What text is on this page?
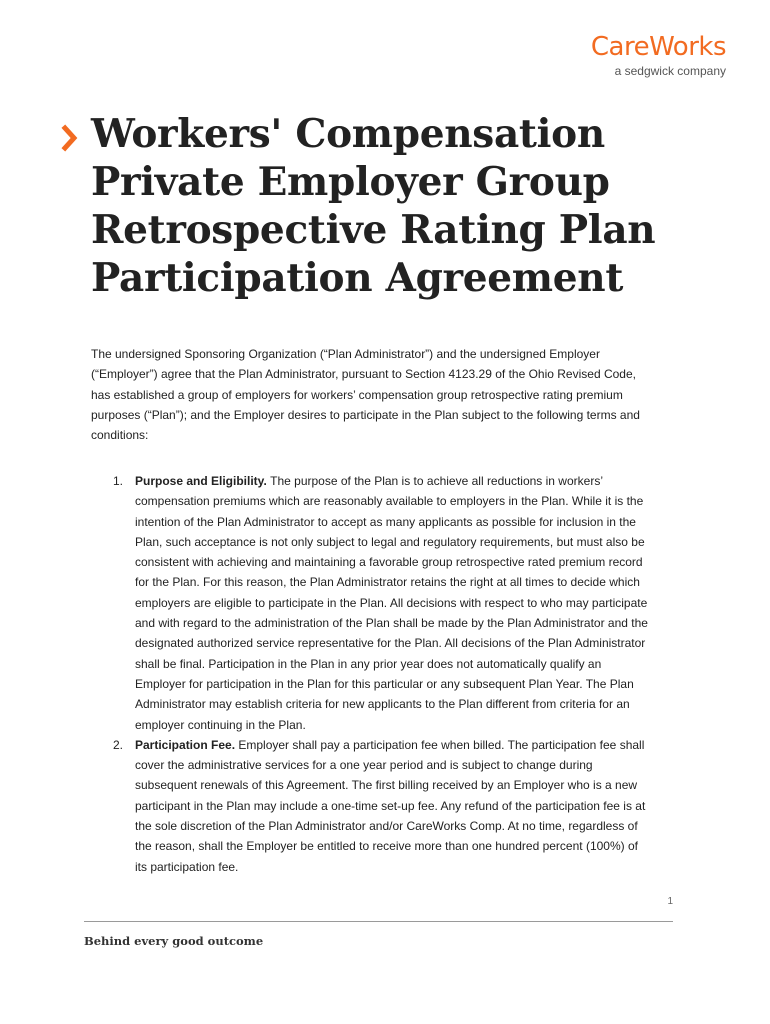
CareWorks
a sedgwick company
Workers' Compensation
Private Employer Group
Retrospective Rating Plan
Participation Agreement

The undersigned Sponsoring Organization (“Plan Administrator”) and the undersigned Employer (“Employer”) agree that the Plan Administrator, pursuant to Section 4123.29 of the Ohio Revised Code, has established a group of employers for workers’ compensation group retrospective rating premium purposes (“Plan”); and the Employer desires to participate in the Plan subject to the following terms and conditions:

1. Purpose and Eligibility. The purpose of the Plan is to achieve all reductions in workers’ compensation premiums which are reasonably available to employers in the Plan. While it is the intention of the Plan Administrator to accept as many applicants as possible for inclusion in the Plan, such acceptance is not only subject to legal and regulatory requirements, but must also be consistent with achieving and maintaining a favorable group retrospective rated premium record for the Plan. For this reason, the Plan Administrator retains the right at all times to decide which employers are eligible to participate in the Plan. All decisions with respect to who may participate and with regard to the administration of the Plan shall be made by the Plan Administrator and the designated authorized service representative for the Plan. All decisions of the Plan Administrator shall be final. Participation in the Plan in any prior year does not automatically qualify an Employer for participation in the Plan for this particular or any subsequent Plan Year. The Plan Administrator may establish criteria for new applicants to the Plan different from criteria for an employer continuing in the Plan.
2. Participation Fee. Employer shall pay a participation fee when billed. The participation fee shall cover the administrative services for a one year period and is subject to change during subsequent renewals of this Agreement. The first billing received by an Employer who is a new participant in the Plan may include a one-time set-up fee. Any refund of the participation fee is at the sole discretion of the Plan Administrator and/or CareWorks Comp. At no time, regardless of the reason, shall the Employer be entitled to receive more than one hundred percent (100%) of its participation fee.
1
Behind every good outcome
